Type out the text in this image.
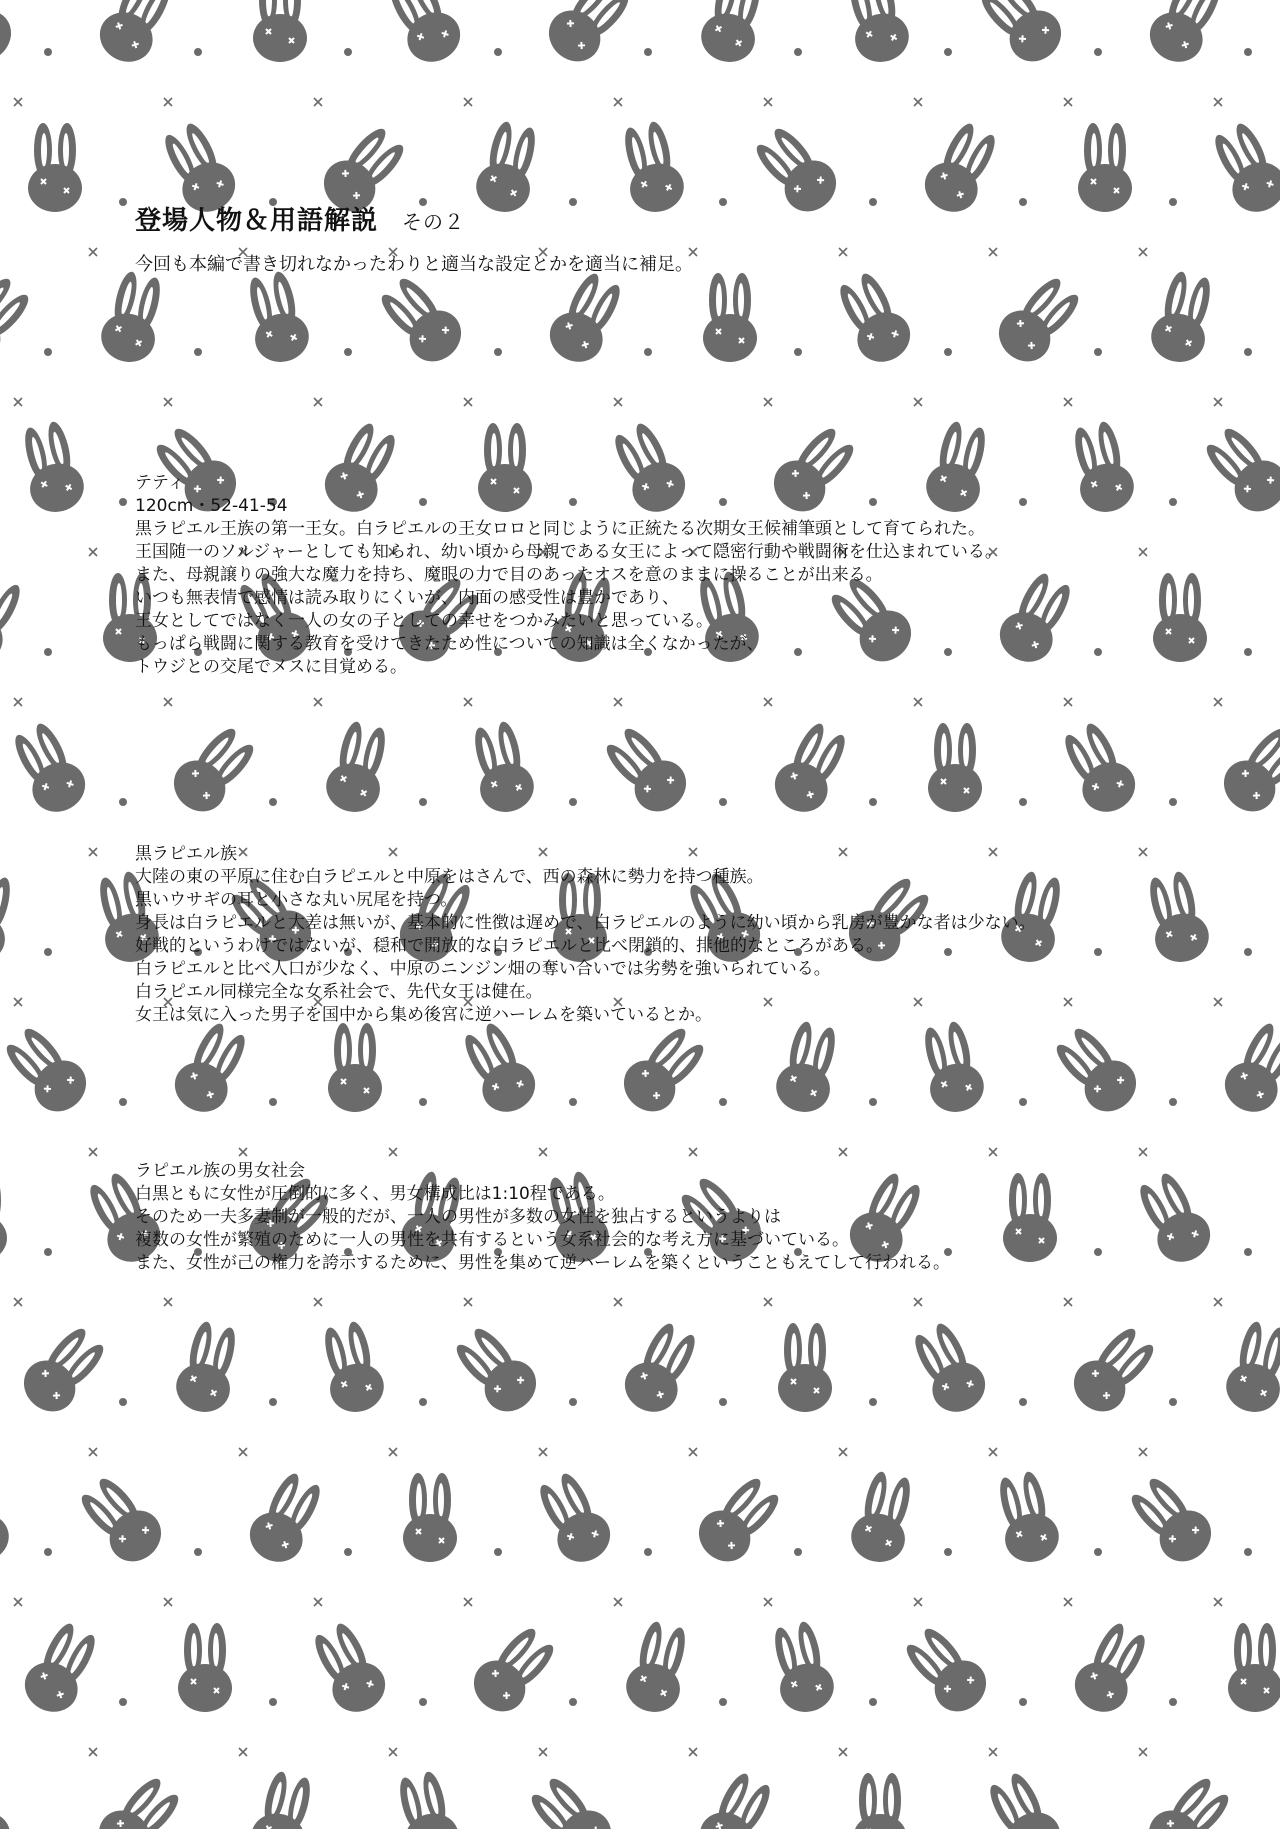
登場人物＆用語解説 その２
今回も本編で書き切れなかったわりと適当な設定とかを適当に補足。
テティ
120cm・52-41-54
黒ラピエル王族の第一王女。白ラピエルの王女ロロと同じように正統たる次期女王候補筆頭として育てられた。
王国随一のソルジャーとしても知られ、幼い頃から母親である女王によって隠密行動や戦闘術を仕込まれている。
また、母親譲りの強大な魔力を持ち、魔眼の力で目のあったオスを意のままに操ることが出来る。
いつも無表情で感情は読み取りにくいが、内面の感受性は豊かであり、
王女としてではなく一人の女の子としての幸せをつかみたいと思っている。
もっぱら戦闘に関する教育を受けてきたため性についての知識は全くなかったが、
トウジとの交尾でメスに目覚める。
黒ラピエル族
大陸の東の平原に住む白ラピエルと中原をはさんで、西の森林に勢力を持つ種族。
黒いウサギの耳と小さな丸い尻尾を持つ。
身長は白ラピエルと大差は無いが、基本的に性徴は遅めで、白ラピエルのように幼い頃から乳房が豊かな者は少ない。
好戦的というわけではないが、穏和で開放的な白ラピエルと比べ閉鎖的、排他的なところがある。
白ラピエルと比べ人口が少なく、中原のニンジン畑の奪い合いでは劣勢を強いられている。
白ラピエル同様完全な女系社会で、先代女王は健在。
女王は気に入った男子を国中から集め後宮に逆ハーレムを築いているとか。
ラピエル族の男女社会
白黒ともに女性が圧倒的に多く、男女構成比は1:10程である。
そのため一夫多妻制が一般的だが、一人の男性が多数の女性を独占するというよりは
複数の女性が繁殖のために一人の男性を共有するという女系社会的な考え方に基づいている。
また、女性が己の権力を誇示するために、男性を集めて逆ハーレムを築くということもえてして行われる。
